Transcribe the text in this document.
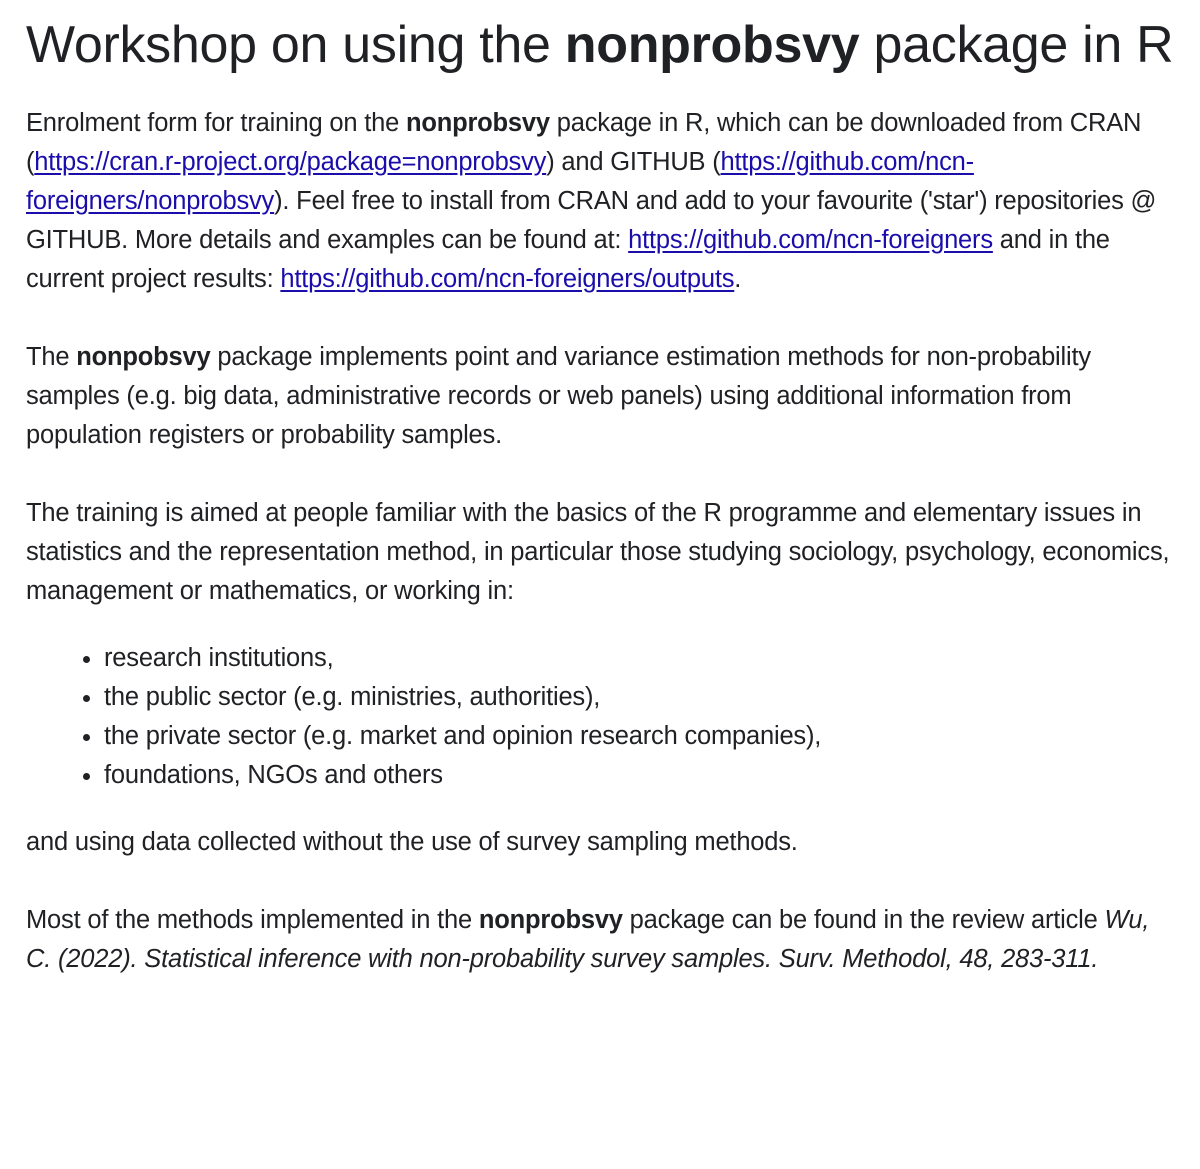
Workshop on using the nonprobsvy package in R

Enrolment form for training on the nonprobsvy package in R, which can be downloaded from CRAN (https://cran.r-project.org/package=nonprobsvy) and GITHUB (https://github.com/ncn-foreigners/nonprobsvy). Feel free to install from CRAN and add to your favourite ('star') repositories @ GITHUB. More details and examples can be found at: https://github.com/ncn-foreigners and in the current project results: https://github.com/ncn-foreigners/outputs.

The nonpobsvy package implements point and variance estimation methods for non-probability samples (e.g. big data, administrative records or web panels) using additional information from population registers or probability samples.

The training is aimed at people familiar with the basics of the R programme and elementary issues in statistics and the representation method, in particular those studying sociology, psychology, economics, management or mathematics, or working in:

• research institutions,
• the public sector (e.g. ministries, authorities),
• the private sector (e.g. market and opinion research companies),
• foundations, NGOs and others

and using data collected without the use of survey sampling methods.

Most of the methods implemented in the nonprobsvy package can be found in the review article Wu, C. (2022). Statistical inference with non-probability survey samples. Surv. Methodol, 48, 283-311.
